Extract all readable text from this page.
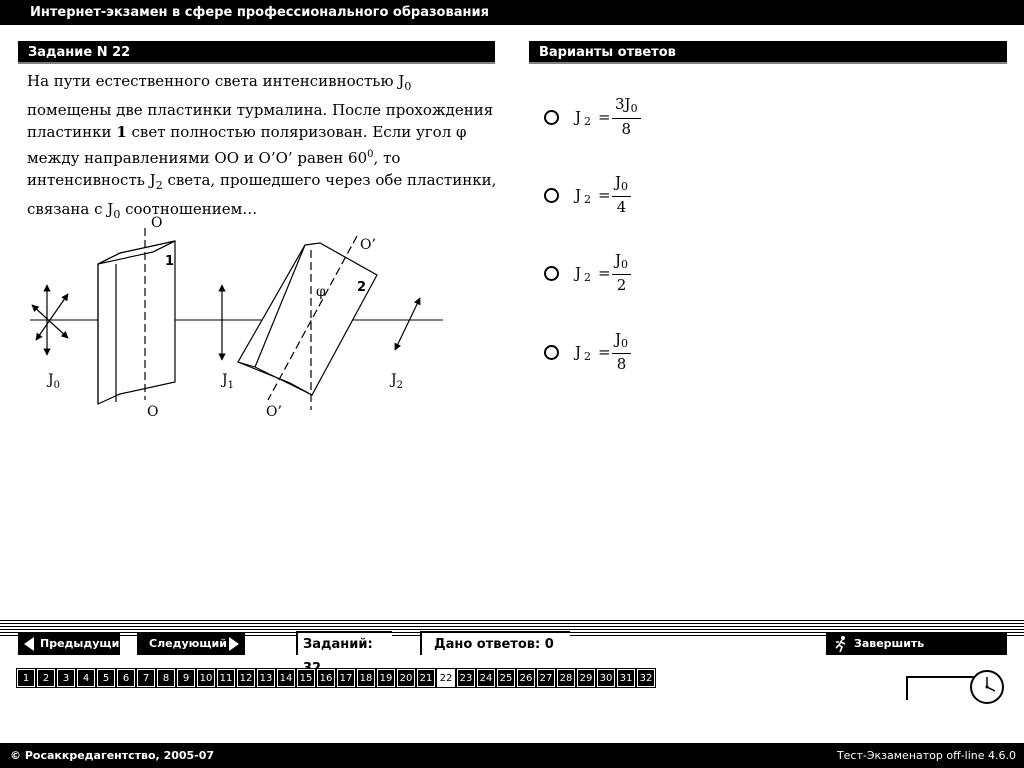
Интернет-экзамен в сфере профессионального образования
Задание N 22	Варианты ответов
На пути естественного света интенсивностью $J_0$ помещены две пластинки турмалина. После прохождения пластинки 1 свет полностью поляризован. Если угол φ между направлениями ОО и О’О’ равен $60^0$, то интенсивность $J_2$ света, прошедшего через обе пластинки, связана с $J_0$ соотношением…
O
O
O’
O’
1
2
φ
$J_0$	$J_1$	$J_2$
J $_2 = \frac{3J_0}{8}$
J $_2 = \frac{J_0}{4}$
J $_2 = \frac{J_0}{2}$
J $_2 = \frac{J_0}{8}$
Предыдущий	Следующий	Заданий:	Дано ответов: 0	Завершить тестирование
1	2	3	4	5	6	7	8	9	10 11 12 13 14 15 16 17 18 19 20 21 22 23 24 25 26 27 28 29 30 31 32
© Росаккредагентство, 2005-07	Тест-Экзаменатор off-line 4.6.0
